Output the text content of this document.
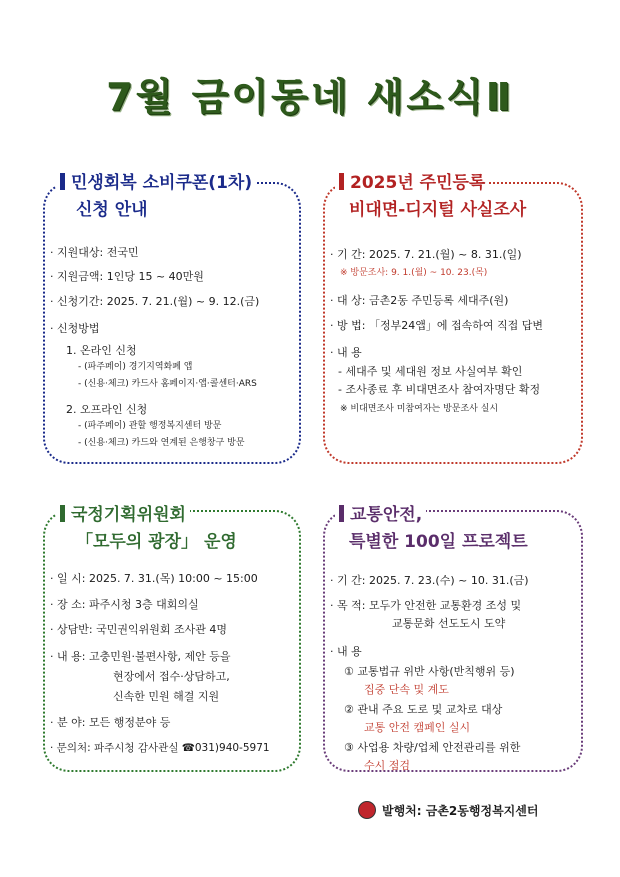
7월 금이동네 새소식Ⅱ
민생회복 소비쿠폰(1차)
신청 안내
· 지원대상: 전국민
· 지원금액: 1인당 15 ~ 40만원
· 신청기간: 2025. 7. 21.(월) ~ 9. 12.(금)
· 신청방법
1. 온라인 신청
- (파주페이) 경기지역화폐 앱
- (신용·체크) 카드사 홈페이지·앱·콜센터·ARS
2. 오프라인 신청
- (파주페이) 관할 행정복지센터 방문
- (신용·체크) 카드와 연계된 은행창구 방문
2025년 주민등록
비대면-디지털 사실조사
· 기 간: 2025. 7. 21.(월) ~ 8. 31.(일)
※ 방문조사: 9. 1.(월) ~ 10. 23.(목)
· 대 상: 금촌2동 주민등록 세대주(원)
· 방 법: 「정부24앱」에 접속하여 직접 답변
· 내 용
- 세대주 및 세대원 정보 사실여부 확인
- 조사종료 후 비대면조사 참여자명단 확정
※ 비대면조사 미참여자는 방문조사 실시
국정기획위원회
「모두의 광장」 운영
· 일 시: 2025. 7. 31.(목) 10:00 ~ 15:00
· 장 소: 파주시청 3층 대회의실
· 상담반: 국민권익위원회 조사관 4명
· 내 용: 고충민원·불편사항, 제안 등을
현장에서 접수·상담하고,
신속한 민원 해결 지원
· 분 야: 모든 행정분야 등
· 문의처: 파주시청 감사관실 ☎031)940-5971
교통안전,
특별한 100일 프로젝트
· 기 간: 2025. 7. 23.(수) ~ 10. 31.(금)
· 목 적: 모두가 안전한 교통환경 조성 및
교통문화 선도도시 도약
· 내 용
① 교통법규 위반 사항(반칙행위 등)
집중 단속 및 계도
② 관내 주요 도로 및 교차로 대상
교통 안전 캠페인 실시
③ 사업용 차량/업체 안전관리를 위한
수시 점검
발행처: 금촌2동행정복지센터
